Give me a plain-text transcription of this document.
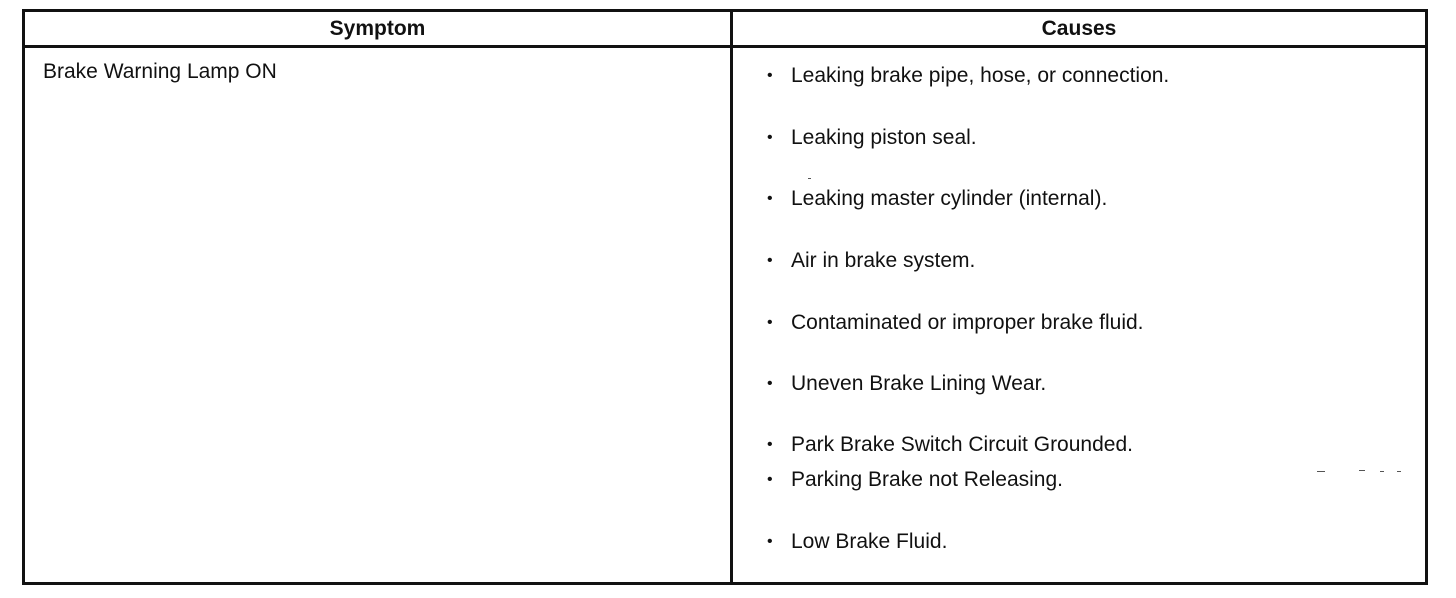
Symptom	Causes
Brake Warning Lamp ON	• Leaking brake pipe, hose, or connection.
• Leaking piston seal.
• Leaking master cylinder (internal).
• Air in brake system.
• Contaminated or improper brake fluid.
• Uneven Brake Lining Wear.
• Park Brake Switch Circuit Grounded.
• Parking Brake not Releasing.
• Low Brake Fluid.
